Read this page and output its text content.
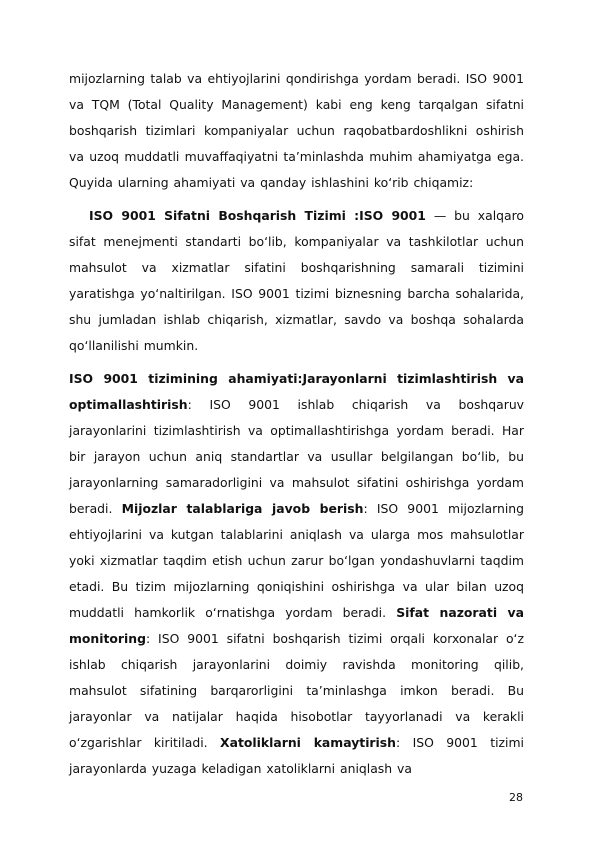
mijozlarning talab va ehtiyojlarini qondirishga yordam beradi. ISO 9001 va TQM (Total Quality Management) kabi eng keng tarqalgan sifatni boshqarish tizimlari kompaniyalar uchun raqobatbardoshlikni oshirish va uzoq muddatli muvaffaqiyatni ta’minlashda muhim ahamiyatga ega. Quyida ularning ahamiyati va qanday ishlashini ko‘rib chiqamiz:

ISO 9001 Sifatni Boshqarish Tizimi :ISO 9001 — bu xalqaro sifat menejmenti standarti bo‘lib, kompaniyalar va tashkilotlar uchun mahsulot va xizmatlar sifatini boshqarishning samarali tizimini yaratishga yo‘naltirilgan. ISO 9001 tizimi biznesning barcha sohalarida, shu jumladan ishlab chiqarish, xizmatlar, savdo va boshqa sohalarda qo‘llanilishi mumkin.

ISO 9001 tizimining ahamiyati:Jarayonlarni tizimlashtirish va optimallashtirish: ISO 9001 ishlab chiqarish va boshqaruv jarayonlarini tizimlashtirish va optimallashtirishga yordam beradi. Har bir jarayon uchun aniq standartlar va usullar belgilangan bo‘lib, bu jarayonlarning samaradorligini va mahsulot sifatini oshirishga yordam beradi. Mijozlar talablariga javob berish: ISO 9001 mijozlarning ehtiyojlarini va kutgan talablarini aniqlash va ularga mos mahsulotlar yoki xizmatlar taqdim etish uchun zarur bo‘lgan yondashuvlarni taqdim etadi. Bu tizim mijozlarning qoniqishini oshirishga va ular bilan uzoq muddatli hamkorlik o‘rnatishga yordam beradi. Sifat nazorati va monitoring: ISO 9001 sifatni boshqarish tizimi orqali korxonalar o‘z ishlab chiqarish jarayonlarini doimiy ravishda monitoring qilib, mahsulot sifatining barqarorligini ta’minlashga imkon beradi. Bu jarayonlar va natijalar haqida hisobotlar tayyorlanadi va kerakli o‘zgarishlar kiritiladi. Xatoliklarni kamaytirish: ISO 9001 tizimi jarayonlarda yuzaga keladigan xatoliklarni aniqlash va

28
